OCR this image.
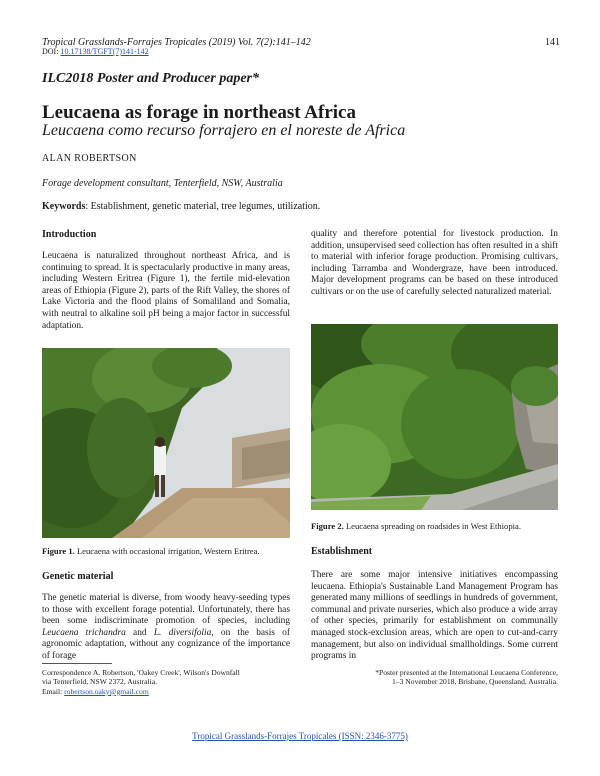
Tropical Grasslands-Forrajes Tropicales (2019) Vol. 7(2):141–142
DOI: 10.17138/TGFT(7)141-142
141
ILC2018 Poster and Producer paper*
Leucaena as forage in northeast Africa
Leucaena como recurso forrajero en el noreste de Africa
ALAN ROBERTSON
Forage development consultant, Tenterfield, NSW, Australia
Keywords: Establishment, genetic material, tree legumes, utilization.
Introduction

Leucaena is naturalized throughout northeast Africa, and is continuing to spread. It is spectacularly productive in many areas, including Western Eritrea (Figure 1), the fertile mid-elevation areas of Ethiopia (Figure 2), parts of the Rift Valley, the shores of Lake Victoria and the flood plains of Somaliland and Somalia, with neutral to alkaline soil pH being a major factor in successful adaptation.

Figure 1. Leucaena with occasional irrigation, Western Eritrea.
Genetic material

The genetic material is diverse, from woody heavy-seeding types to those with excellent forage potential. Unfortunately, there has been some indiscriminate promotion of species, including Leucaena trichandra and L. diversifolia, on the basis of agronomic adaptation, without any cognizance of the importance of forage

quality and therefore potential for livestock production. In addition, unsupervised seed collection has often resulted in a shift to material with inferior forage production. Promising cultivars, including Tarramba and Wondergraze, have been introduced. Major development programs can be based on these introduced cultivars or on the use of carefully selected naturalized material.

Figure 2. Leucaena spreading on roadsides in West Ethiopia.
Establishment

There are some major intensive initiatives encompassing leucaena. Ethiopia's Sustainable Land Management Program has generated many millions of seedlings in hundreds of government, communal and private nurseries, which also produce a wide array of other species, primarily for establishment on communally managed stock-exclusion areas, which are open to cut-and-carry management, but also on individual smallholdings. Some current programs in

Correspondence A. Robertson, 'Oakey Creek', Wilson's Downfall
via Tenterfield, NSW 2372, Australia.
Email: robertson.oaky@gmail.com
*Poster presented at the International Leucaena Conference,
1–3 November 2018, Brisbane, Queensland, Australia.
Tropical Grasslands-Forrajes Tropicales (ISSN: 2346-3775)
